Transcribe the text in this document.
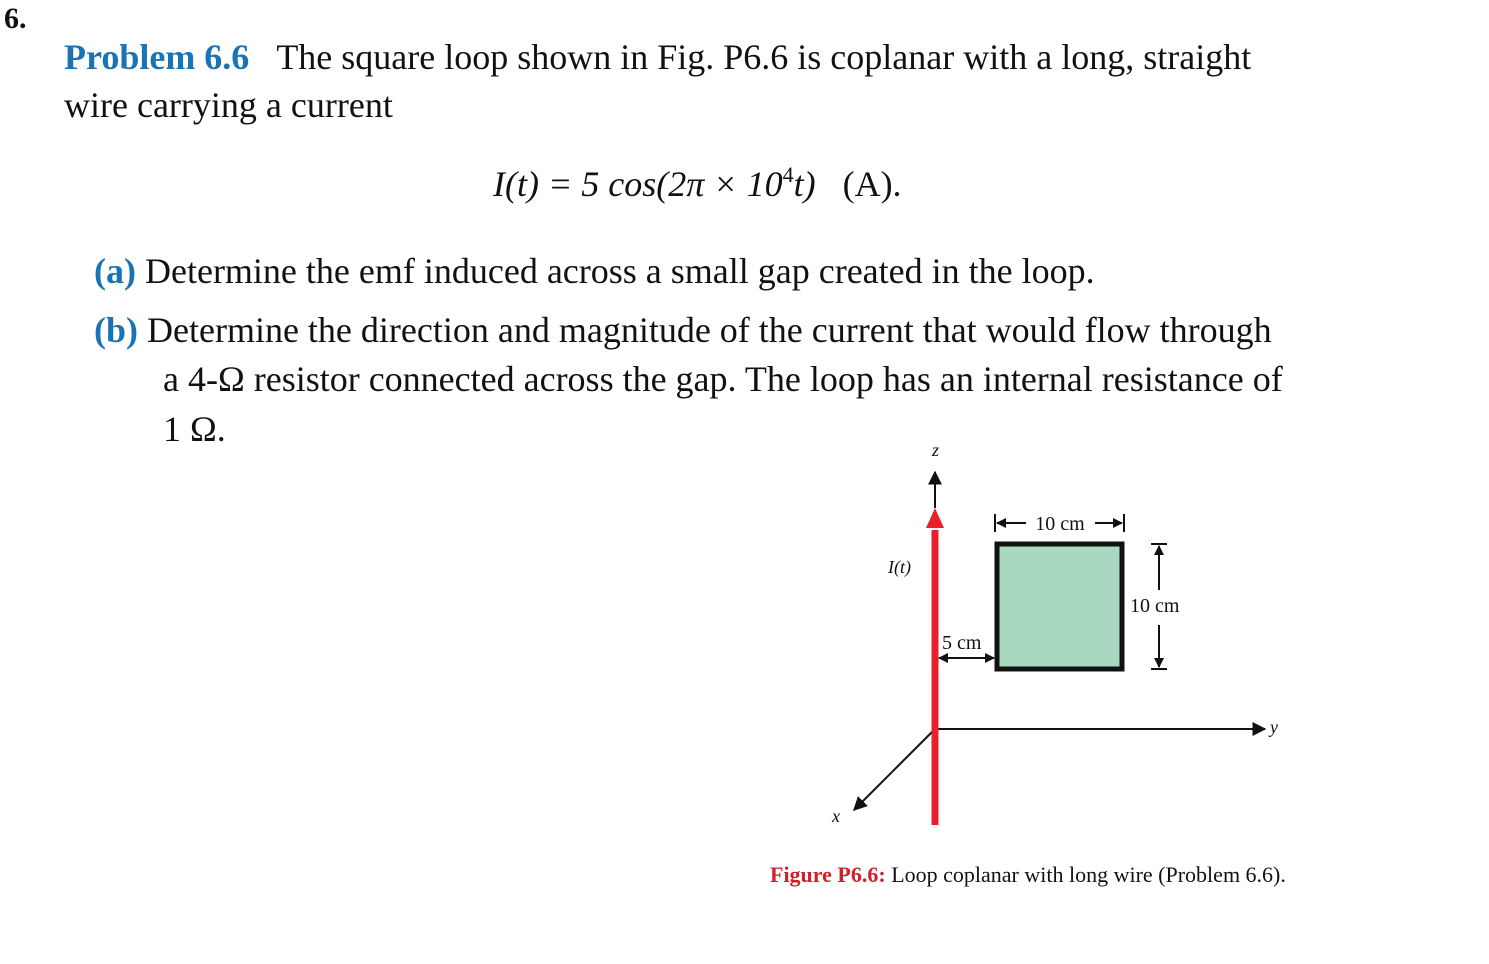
6.
Problem 6.6 The square loop shown in Fig. P6.6 is coplanar with a long, straight
wire carrying a current
I(t) = 5 $\cos(2\pi \times 10^4t)$ (A).
(a) Determine the emf induced across a small gap created in the loop.
(b) Determine the direction and magnitude of the current that would flow through
a 4-Ω resistor connected across the gap. The loop has an internal resistance of
1 Ω.
z
y
x
I(t)
10 cm
10 cm
5 cm
Figure P6.6: Loop coplanar with long wire (Problem 6.6).
